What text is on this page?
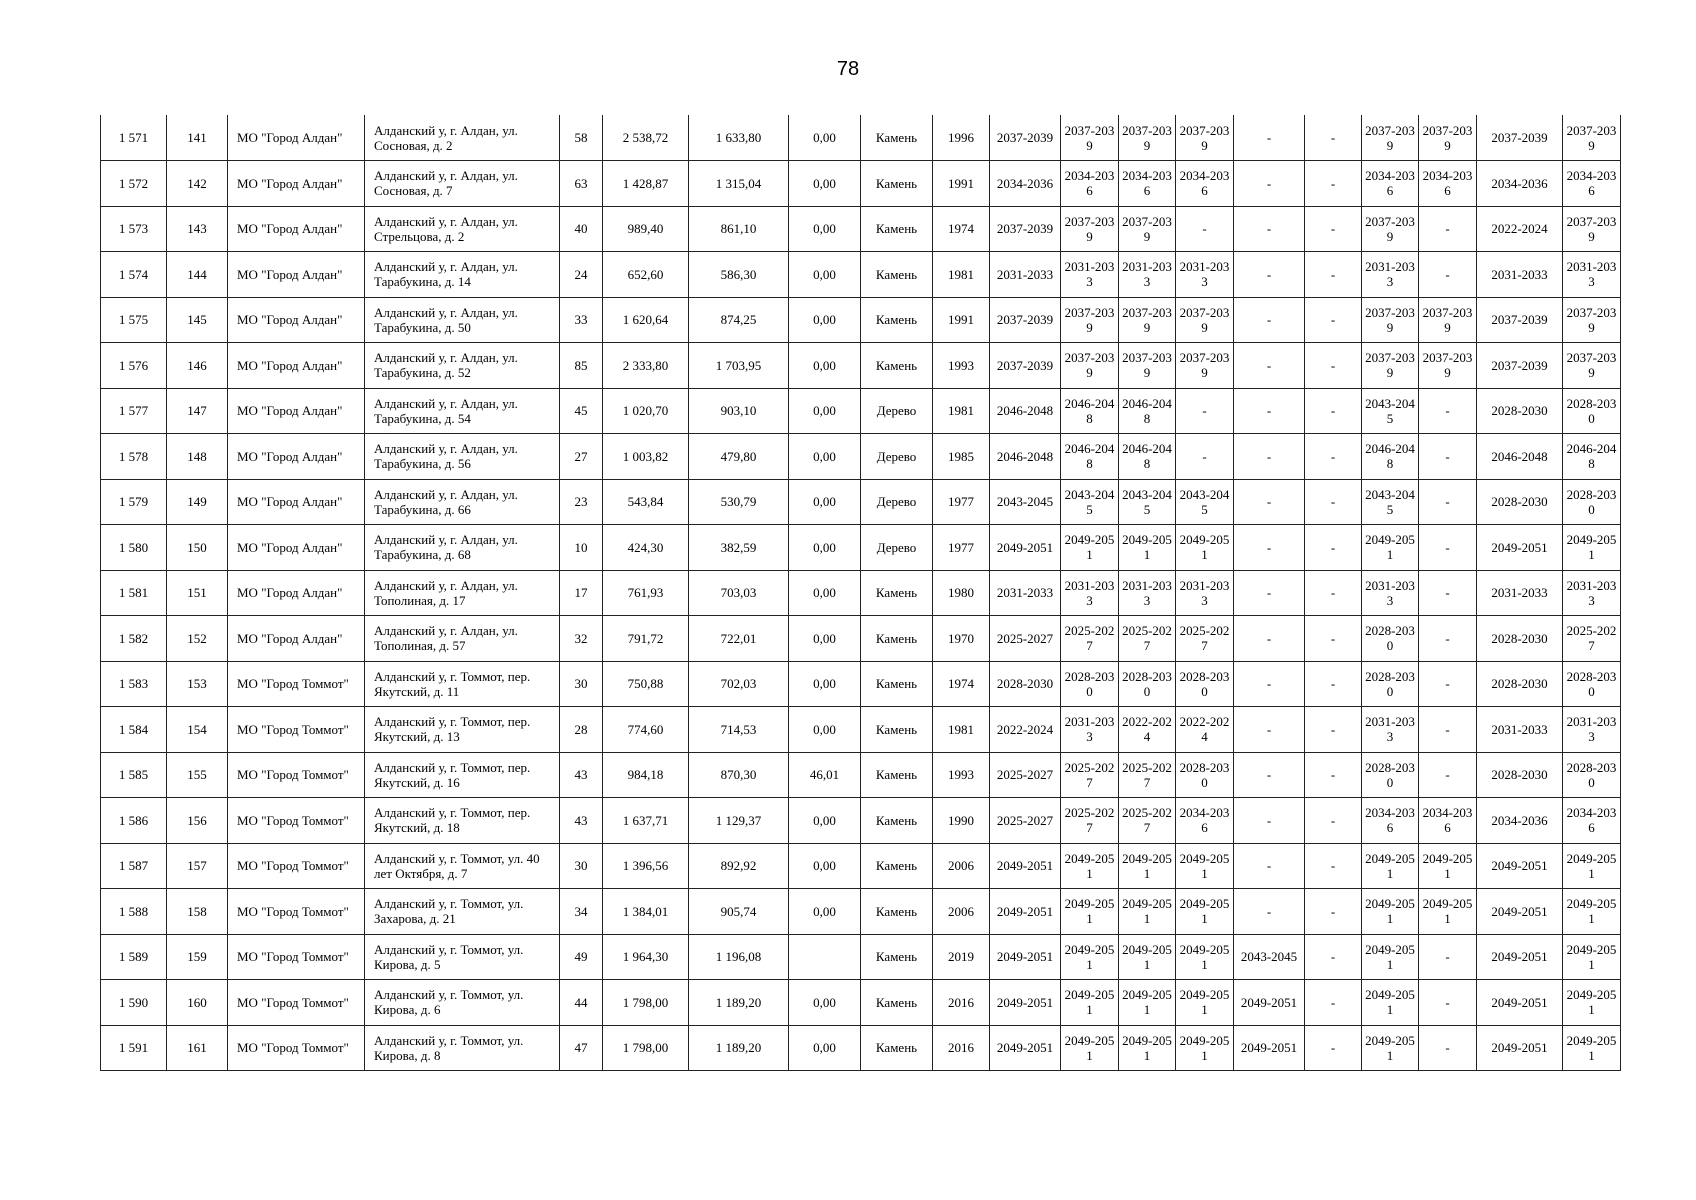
78
1 571	141	МО "Город Алдан"	Алданский у, г. Алдан, ул. Сосновая, д. 2	58	2 538,72	1 633,80	0,00	Камень	1996	2037-2039	2037-2039	2037-2039	2037-2039	-	-	2037-2039	2037-2039	2037-2039	2037-2039
1 572	142	МО "Город Алдан"	Алданский у, г. Алдан, ул. Сосновая, д. 7	63	1 428,87	1 315,04	0,00	Камень	1991	2034-2036	2034-2036	2034-2036	2034-2036	-	-	2034-2036	2034-2036	2034-2036	2034-2036
1 573	143	МО "Город Алдан"	Алданский у, г. Алдан, ул. Стрельцова, д. 2	40	989,40	861,10	0,00	Камень	1974	2037-2039	2037-2039	2037-2039	-	-	-	2037-2039	-	2022-2024	2037-2039
1 574	144	МО "Город Алдан"	Алданский у, г. Алдан, ул. Тарабукина, д. 14	24	652,60	586,30	0,00	Камень	1981	2031-2033	2031-2033	2031-2033	2031-2033	-	-	2031-2033	-	2031-2033	2031-2033
1 575	145	МО "Город Алдан"	Алданский у, г. Алдан, ул. Тарабукина, д. 50	33	1 620,64	874,25	0,00	Камень	1991	2037-2039	2037-2039	2037-2039	2037-2039	-	-	2037-2039	2037-2039	2037-2039	2037-2039
1 576	146	МО "Город Алдан"	Алданский у, г. Алдан, ул. Тарабукина, д. 52	85	2 333,80	1 703,95	0,00	Камень	1993	2037-2039	2037-2039	2037-2039	2037-2039	-	-	2037-2039	2037-2039	2037-2039	2037-2039
1 577	147	МО "Город Алдан"	Алданский у, г. Алдан, ул. Тарабукина, д. 54	45	1 020,70	903,10	0,00	Дерево	1981	2046-2048	2046-2048	2046-2048	-	-	-	2043-2045	-	2028-2030	2028-2030
1 578	148	МО "Город Алдан"	Алданский у, г. Алдан, ул. Тарабукина, д. 56	27	1 003,82	479,80	0,00	Дерево	1985	2046-2048	2046-2048	2046-2048	-	-	-	2046-2048	-	2046-2048	2046-2048
1 579	149	МО "Город Алдан"	Алданский у, г. Алдан, ул. Тарабукина, д. 66	23	543,84	530,79	0,00	Дерево	1977	2043-2045	2043-2045	2043-2045	2043-2045	-	-	2043-2045	-	2028-2030	2028-2030
1 580	150	МО "Город Алдан"	Алданский у, г. Алдан, ул. Тарабукина, д. 68	10	424,30	382,59	0,00	Дерево	1977	2049-2051	2049-2051	2049-2051	2049-2051	-	-	2049-2051	-	2049-2051	2049-2051
1 581	151	МО "Город Алдан"	Алданский у, г. Алдан, ул. Тополиная, д. 17	17	761,93	703,03	0,00	Камень	1980	2031-2033	2031-2033	2031-2033	2031-2033	-	-	2031-2033	-	2031-2033	2031-2033
1 582	152	МО "Город Алдан"	Алданский у, г. Алдан, ул. Тополиная, д. 57	32	791,72	722,01	0,00	Камень	1970	2025-2027	2025-2027	2025-2027	2025-2027	-	-	2028-2030	-	2028-2030	2025-2027
1 583	153	МО "Город Томмот"	Алданский у, г. Томмот, пер. Якутский, д. 11	30	750,88	702,03	0,00	Камень	1974	2028-2030	2028-2030	2028-2030	2028-2030	-	-	2028-2030	-	2028-2030	2028-2030
1 584	154	МО "Город Томмот"	Алданский у, г. Томмот, пер. Якутский, д. 13	28	774,60	714,53	0,00	Камень	1981	2022-2024	2031-2033	2022-2024	2022-2024	-	-	2031-2033	-	2031-2033	2031-2033
1 585	155	МО "Город Томмот"	Алданский у, г. Томмот, пер. Якутский, д. 16	43	984,18	870,30	46,01	Камень	1993	2025-2027	2025-2027	2025-2027	2028-2030	-	-	2028-2030	-	2028-2030	2028-2030
1 586	156	МО "Город Томмот"	Алданский у, г. Томмот, пер. Якутский, д. 18	43	1 637,71	1 129,37	0,00	Камень	1990	2025-2027	2025-2027	2025-2027	2034-2036	-	-	2034-2036	2034-2036	2034-2036	2034-2036
1 587	157	МО "Город Томмот"	Алданский у, г. Томмот, ул. 40 лет Октября, д. 7	30	1 396,56	892,92	0,00	Камень	2006	2049-2051	2049-2051	2049-2051	2049-2051	-	-	2049-2051	2049-2051	2049-2051	2049-2051
1 588	158	МО "Город Томмот"	Алданский у, г. Томмот, ул. Захарова, д. 21	34	1 384,01	905,74	0,00	Камень	2006	2049-2051	2049-2051	2049-2051	2049-2051	-	-	2049-2051	2049-2051	2049-2051	2049-2051
1 589	159	МО "Город Томмот"	Алданский у, г. Томмот, ул. Кирова, д. 5	49	1 964,30	1 196,08		Камень	2019	2049-2051	2049-2051	2049-2051	2049-2051	2043-2045	-	2049-2051	-	2049-2051	2049-2051
1 590	160	МО "Город Томмот"	Алданский у, г. Томмот, ул. Кирова, д. 6	44	1 798,00	1 189,20	0,00	Камень	2016	2049-2051	2049-2051	2049-2051	2049-2051	2049-2051	-	2049-2051	-	2049-2051	2049-2051
1 591	161	МО "Город Томмот"	Алданский у, г. Томмот, ул. Кирова, д. 8	47	1 798,00	1 189,20	0,00	Камень	2016	2049-2051	2049-2051	2049-2051	2049-2051	2049-2051	-	2049-2051	-	2049-2051	2049-2051
